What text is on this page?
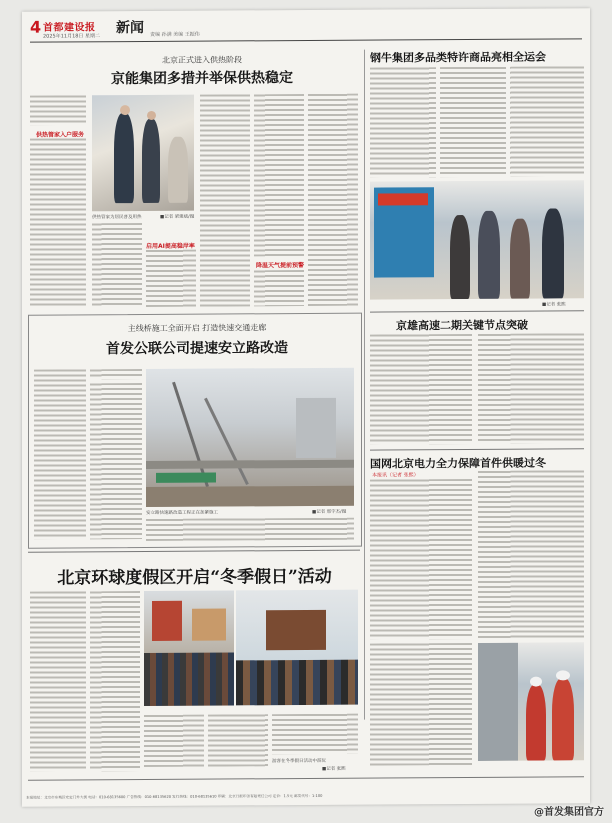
4 首都建设报
2025年11月18日 星期二
新闻 责编 孙满 美编 王振伟
北京正式进入供热阶段
京能集团多措并举保供热稳定
供热管家入户服务
供热管家为居民普及用热	■记者 梁建斌/摄
启用AI提高稳岸率
降温天气提前预警
主线桥施工全面开启 打造快速交通走廊
首发公联公司提速安立路改造
安立路快速路改造工程正在加紧施工	■记者 邢宇杰/摄
北京环球度假区开启“冬季假日”活动
游客在冬季假日活动中游玩
■记者 张熙
钢牛集团多品类特许商品亮相全运会
■记者 张熙
京雄高速二期关键节点突破
国网北京电力全力保障首件供暖过冬
本报讯（记者 张熙）
本报地址：北京市东城区安定门外大街 电话：010-68135600 广告热线：010-68135620 发行热线：010-68135610 印刷：北京日报印务有限责任公司 定价：1.5元 邮发代号：1-100
@首发集团官方
